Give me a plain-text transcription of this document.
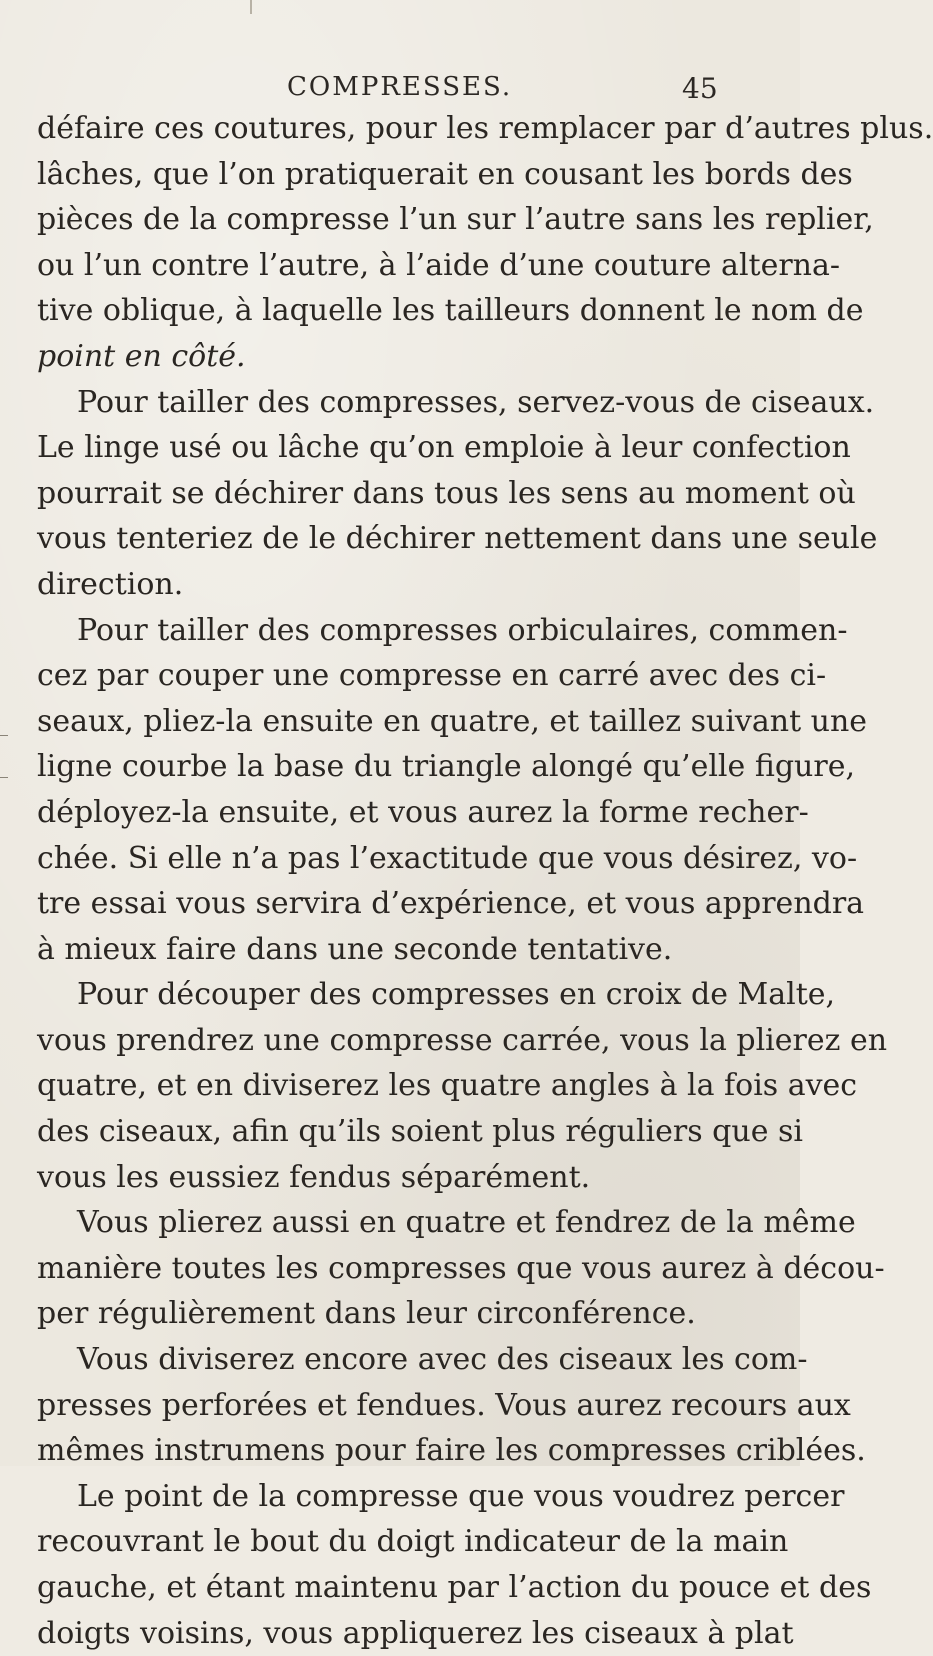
COMPRESSES.	45
défaire ces coutures, pour les remplacer par d’autres plus.
lâches, que l’on pratiquerait en cousant les bords des
pièces de la compresse l’un sur l’autre sans les replier,
ou l’un contre l’autre, à l’aide d’une couture alterna-
tive oblique, à laquelle les tailleurs donnent le nom de
point en côté.
Pour tailler des compresses, servez-vous de ciseaux.
Le linge usé ou lâche qu’on emploie à leur confection
pourrait se déchirer dans tous les sens au moment où
vous tenteriez de le déchirer nettement dans une seule
direction.
Pour tailler des compresses orbiculaires, commen-
cez par couper une compresse en carré avec des ci-
seaux, pliez-la ensuite en quatre, et taillez suivant une
ligne courbe la base du triangle alongé qu’elle figure,
déployez-la ensuite, et vous aurez la forme recher-
chée. Si elle n’a pas l’exactitude que vous désirez, vo-
tre essai vous servira d’expérience, et vous apprendra
à mieux faire dans une seconde tentative.
Pour découper des compresses en croix de Malte,
vous prendrez une compresse carrée, vous la plierez en
quatre, et en diviserez les quatre angles à la fois avec
des ciseaux, afin qu’ils soient plus réguliers que si
vous les eussiez fendus séparément.
Vous plierez aussi en quatre et fendrez de la même
manière toutes les compresses que vous aurez à décou-
per régulièrement dans leur circonférence.
Vous diviserez encore avec des ciseaux les com-
presses perforées et fendues. Vous aurez recours aux
mêmes instrumens pour faire les compresses criblées.
Le point de la compresse que vous voudrez percer
recouvrant le bout du doigt indicateur de la main
gauche, et étant maintenu par l’action du pouce et des
doigts voisins, vous appliquerez les ciseaux à plat
